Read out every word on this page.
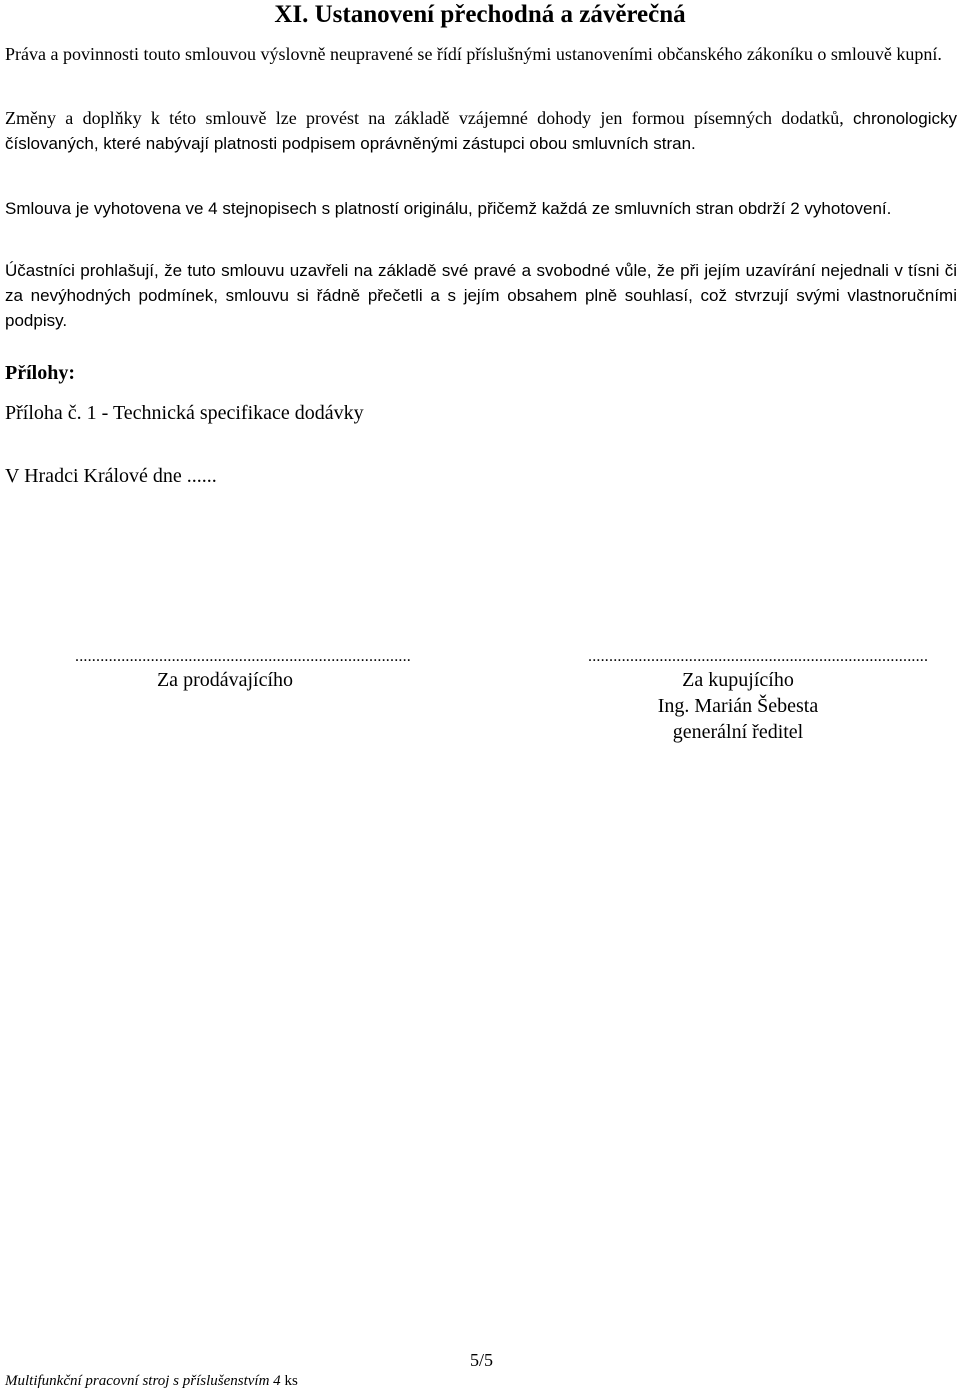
XI. Ustanovení přechodná a závěrečná

Práva a povinnosti touto smlouvou výslovně neupravené se řídí příslušnými ustanoveními občanského zákoníku o smlouvě kupní.

Změny a doplňky k této smlouvě lze provést na základě vzájemné dohody jen formou písemných dodatků, chronologicky číslovaných, které nabývají platnosti podpisem oprávněnými zástupci obou smluvních stran.

Smlouva je vyhotovena ve 4 stejnopisech s platností originálu, přičemž každá ze smluvních stran obdrží 2 vyhotovení.

Účastníci prohlašují, že tuto smlouvu uzavřeli na základě své pravé a svobodné vůle, že při jejím uzavírání nejednali v tísni či za nevýhodných podmínek, smlouvu si řádně přečetli a s jejím obsahem plně souhlasí, což stvrzují svými vlastnoručními podpisy.

Přílohy:
Příloha č. 1 - Technická specifikace dodávky
V Hradci Králové dne ......
................................................................................
Za prodávajícího
.................................................................................
Za kupujícího
Ing. Marián Šebesta
generální ředitel
5/5
Multifunkční pracovní stroj s příslušenstvím 4 ks
